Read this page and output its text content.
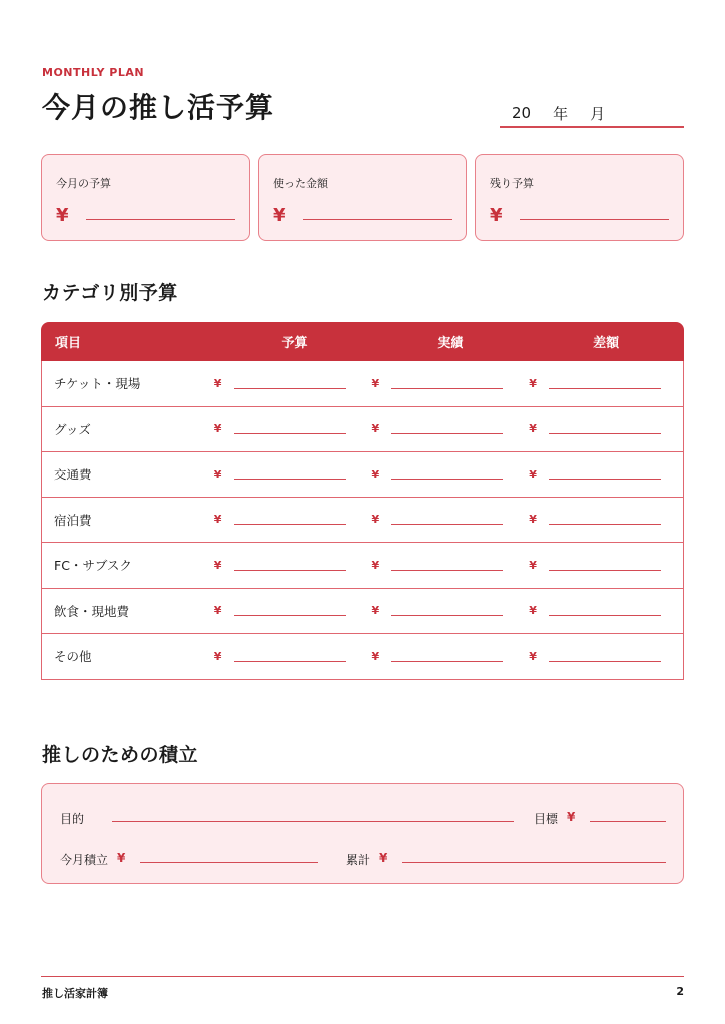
MONTHLY PLAN
今月の推し活予算	20 年 月
今月の予算
¥
使った金額
¥
残り予算
¥
カテゴリ別予算
項目	予算	実績	差額
チケット・現場	¥	¥	¥
グッズ	¥	¥	¥
交通費	¥	¥	¥
宿泊費	¥	¥	¥
FC・サブスク	¥	¥	¥
飲食・現地費	¥	¥	¥
その他	¥	¥	¥
推しのための積立
目的	目標 ¥
今月積立 ¥	累計 ¥
推し活家計簿	2
